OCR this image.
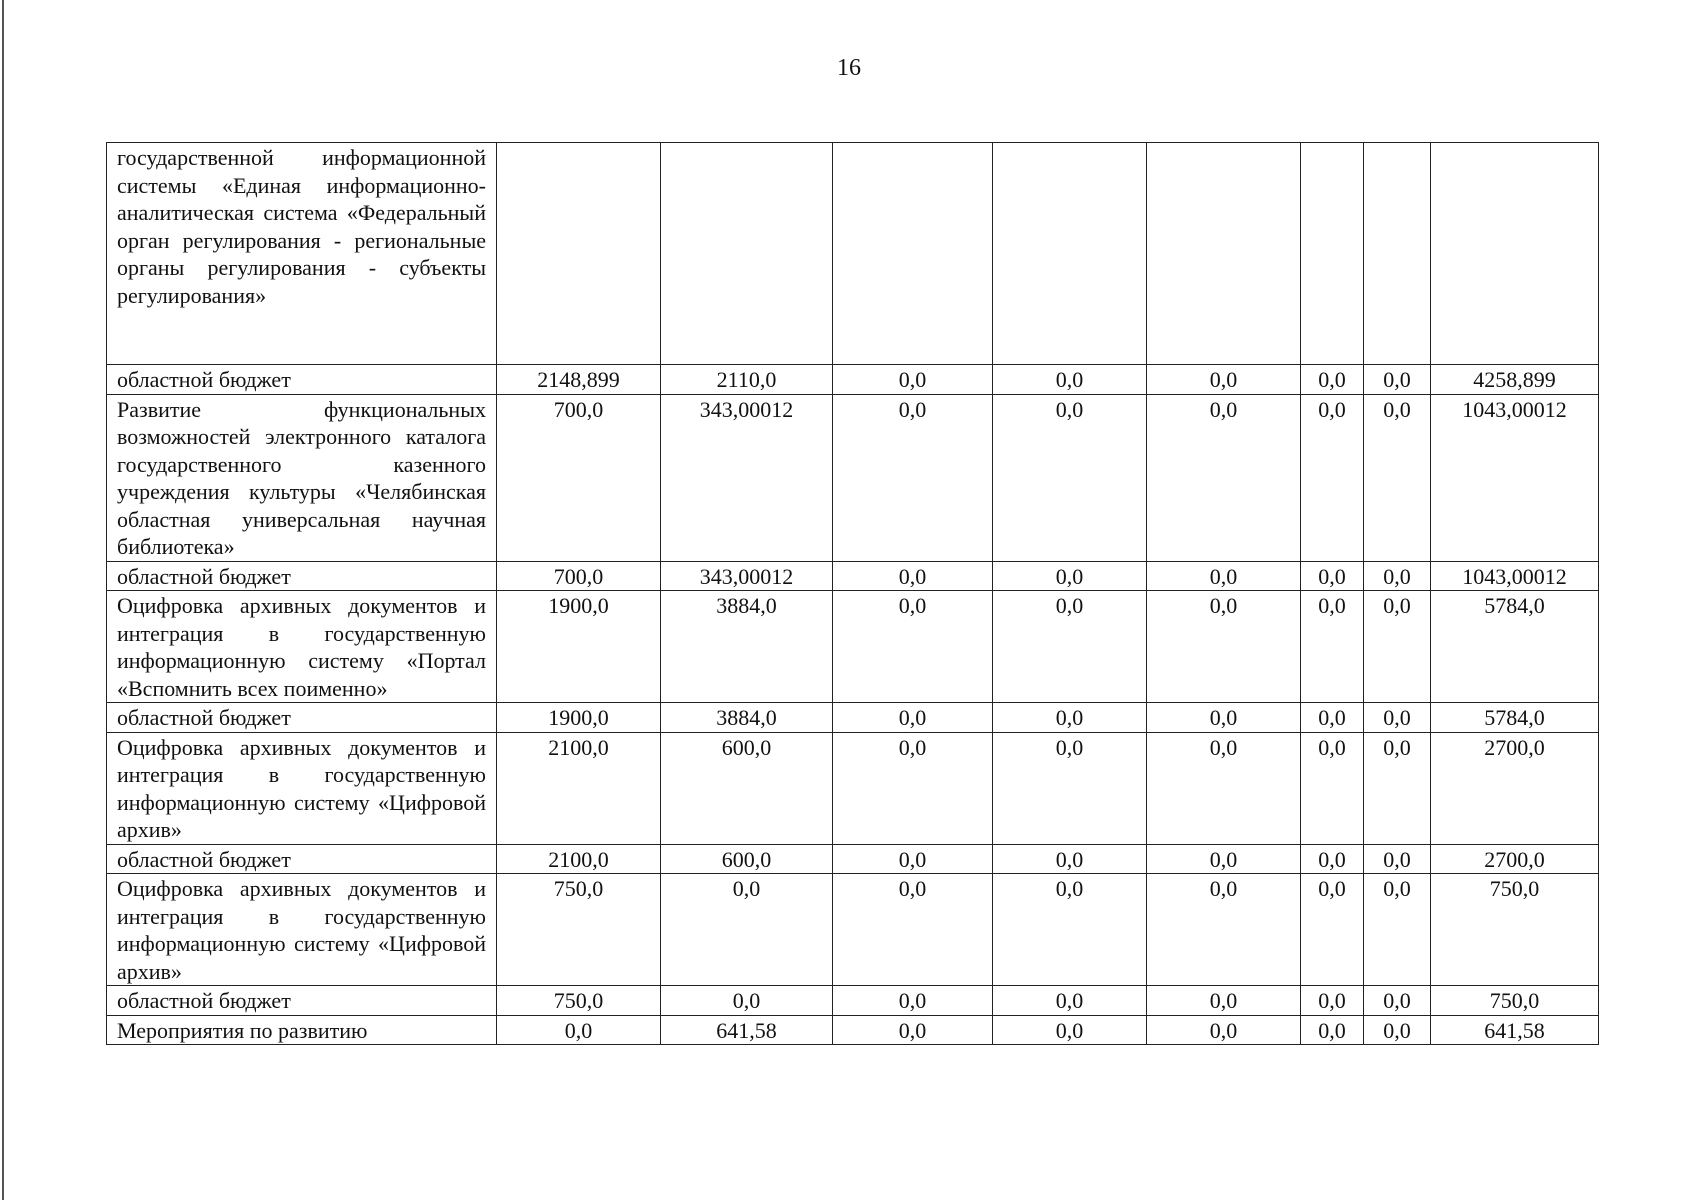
16
государственной информационной системы «Единая информационно-аналитическая система «Федеральный орган регулирования - региональные органы регулирования - субъекты регулирования»								
областной бюджет	2148,899	2110,0	0,0	0,0	0,0	0,0	0,0	4258,899
Развитие функциональных возможностей электронного каталога государственного казенного учреждения культуры «Челябинская областная универсальная научная библиотека»	700,0	343,00012	0,0	0,0	0,0	0,0	0,0	1043,00012
областной бюджет	700,0	343,00012	0,0	0,0	0,0	0,0	0,0	1043,00012
Оцифровка архивных документов и интеграция в государственную информационную систему «Портал «Вспомнить всех поименно»	1900,0	3884,0	0,0	0,0	0,0	0,0	0,0	5784,0
областной бюджет	1900,0	3884,0	0,0	0,0	0,0	0,0	0,0	5784,0
Оцифровка архивных документов и интеграция в государственную информационную систему «Цифровой архив»	2100,0	600,0	0,0	0,0	0,0	0,0	0,0	2700,0
областной бюджет	2100,0	600,0	0,0	0,0	0,0	0,0	0,0	2700,0
Оцифровка архивных документов и интеграция в государственную информационную систему «Цифровой архив»	750,0	0,0	0,0	0,0	0,0	0,0	0,0	750,0
областной бюджет	750,0	0,0	0,0	0,0	0,0	0,0	0,0	750,0
Мероприятия по развитию	0,0	641,58	0,0	0,0	0,0	0,0	0,0	641,58
